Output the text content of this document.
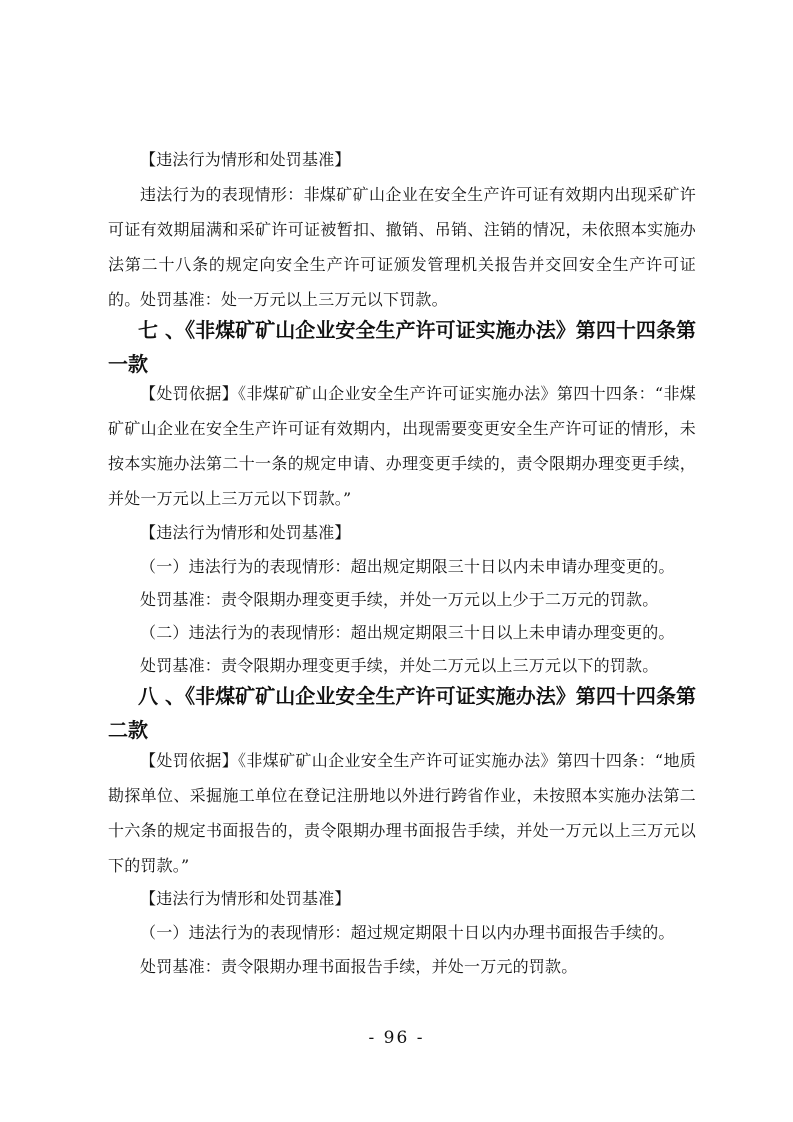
【违法行为情形和处罚基准】

违法行为的表现情形：非煤矿矿山企业在安全生产许可证有效期内出现采矿许可证有效期届满和采矿许可证被暂扣、撤销、吊销、注销的情况，未依照本实施办法第二十八条的规定向安全生产许可证颁发管理机关报告并交回安全生产许可证的。 处罚基准：处一万元以上三万元以下罚款。

七 、《非煤矿矿山企业安全生产许可证实施办法》第四十四条第一款

【处罚依据】《非煤矿矿山企业安全生产许可证实施办法》第四十四条：“非煤矿矿山企业在安全生产许可证有效期内，出现需要变更安全生产许可证的情形，未按本实施办法第二十一条的规定申请、办理变更手续的，责令限期办理变更手续，并处一万元以上三万元以下罚款。”

【违法行为情形和处罚基准】

（一）违法行为的表现情形：超出规定期限三十日以内未申请办理变更的。

处罚基准：责令限期办理变更手续，并处一万元以上少于二万元的罚款。

（二）违法行为的表现情形：超出规定期限三十日以上未申请办理变更的。

处罚基准：责令限期办理变更手续，并处二万元以上三万元以下的罚款。

八 、《非煤矿矿山企业安全生产许可证实施办法》第四十四条第二款

【处罚依据】《非煤矿矿山企业安全生产许可证实施办法》第四十四条：“地质勘探单位、采掘施工单位在登记注册地以外进行跨省作业，未按照本实施办法第二十六条的规定书面报告的，责令限期办理书面报告手续，并处一万元以上三万元以下的罚款。”

【违法行为情形和处罚基准】

（一）违法行为的表现情形：超过规定期限十日以内办理书面报告手续的。

处罚基准：责令限期办理书面报告手续，并处一万元的罚款。

- 96 -
